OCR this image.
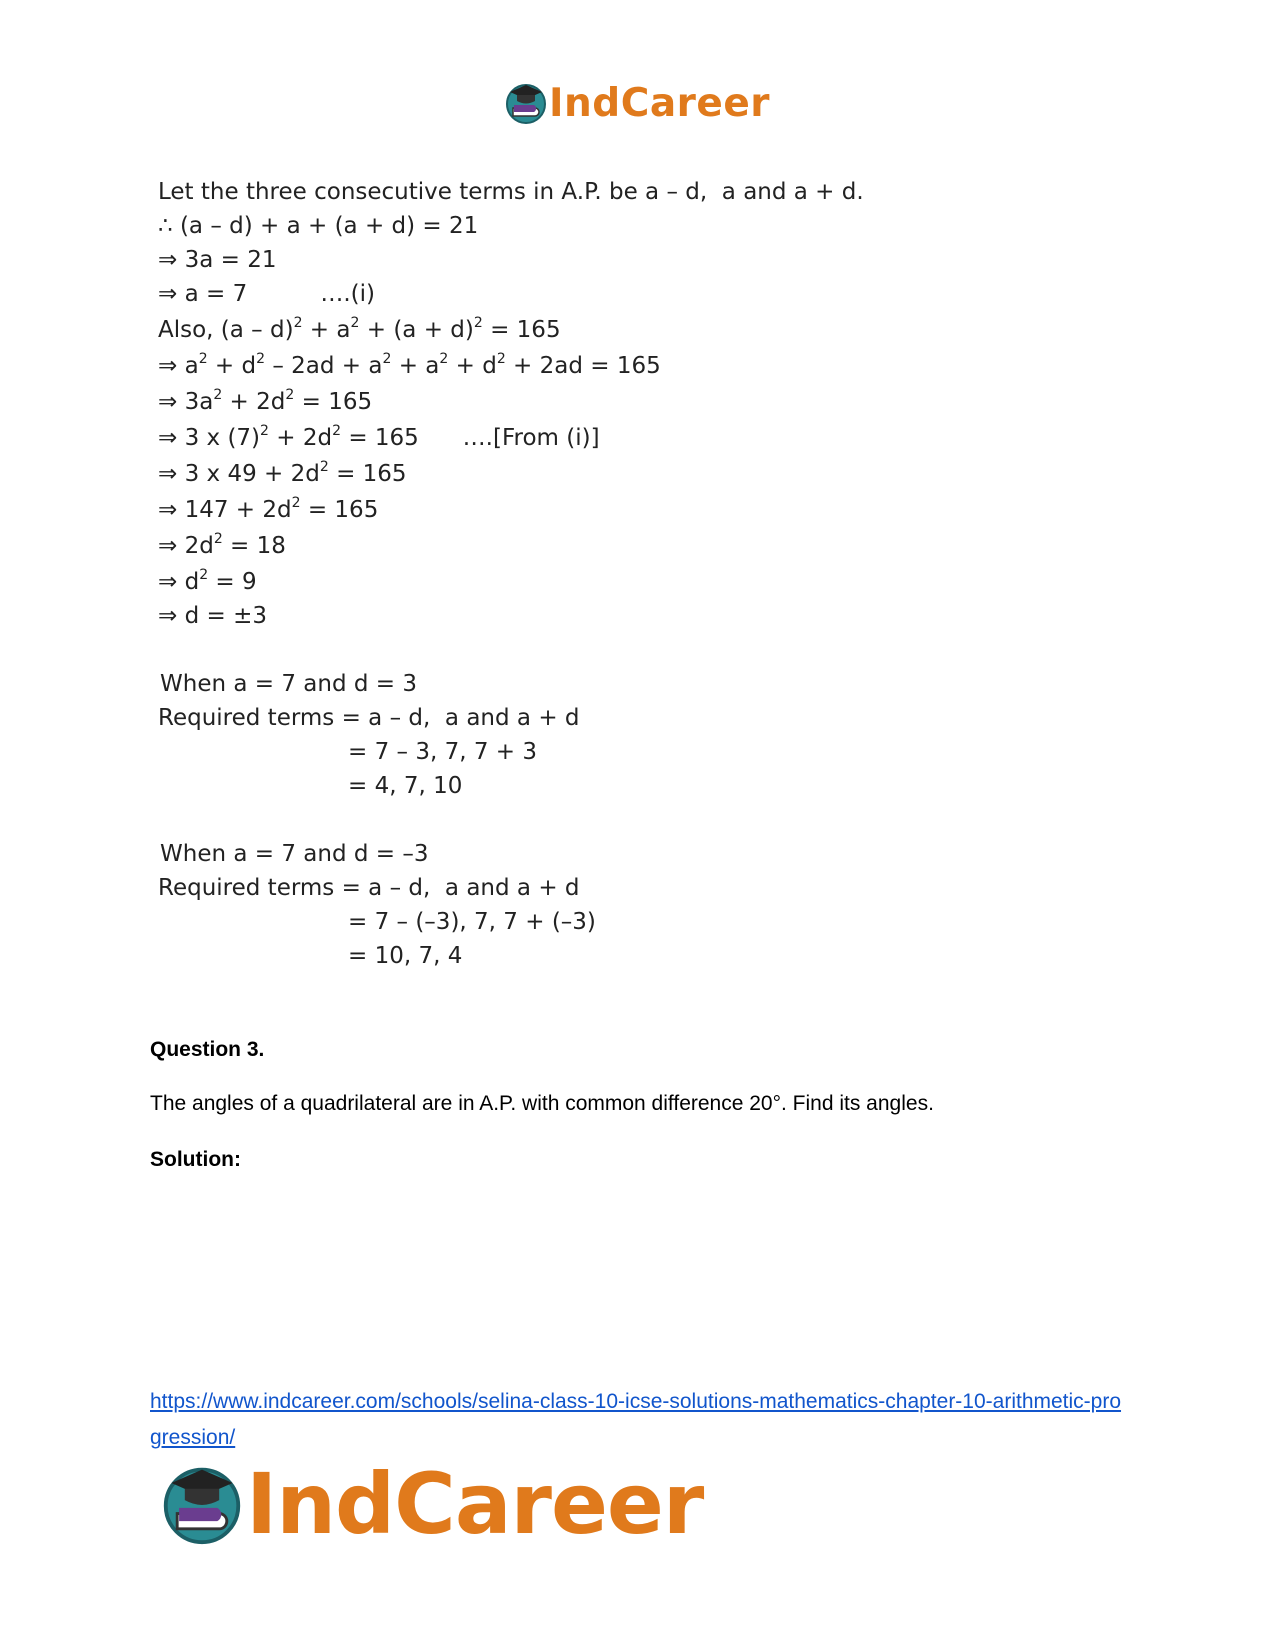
IndCareer
Let the three consecutive terms in A.P. be a – d,  a and a + d.
∴ (a – d) + a + (a + d) = 21
⇒ 3a = 21
⇒ a = 7          ….(i)
Also, $(a - d)^2 + a^2 + (a + d)^2 = 165$
⇒ $a^2 + d^2 - 2ad + a^2 + a^2 + d^2 + 2ad = 165$
⇒ $3a^2 + 2d^2 = 165$
⇒ 3 x $(7)^2 + 2d^2 = 165$      ….[From (i)]
⇒ 3 x $49 + 2d^2 = 165$
⇒ $147 + 2d^2 = 165$
⇒ $2d^2 = 18$
⇒ $d^2 = 9$
⇒ d = ±3
When a = 7 and d = 3
Required terms = a – d,  a and a + d
= 7 – 3, 7, 7 + 3
= 4, 7, 10
When a = 7 and d = –3
Required terms = a – d,  a and a + d
= 7 – (–3), 7, 7 + (–3)
= 10, 7, 4
Question 3.
The angles of a quadrilateral are in A.P. with common difference 20°. Find its angles.
Solution:
https://www.indcareer.com/schools/selina-class-10-icse-solutions-mathematics-chapter-10-arithmetic-progression/
IndCareer
